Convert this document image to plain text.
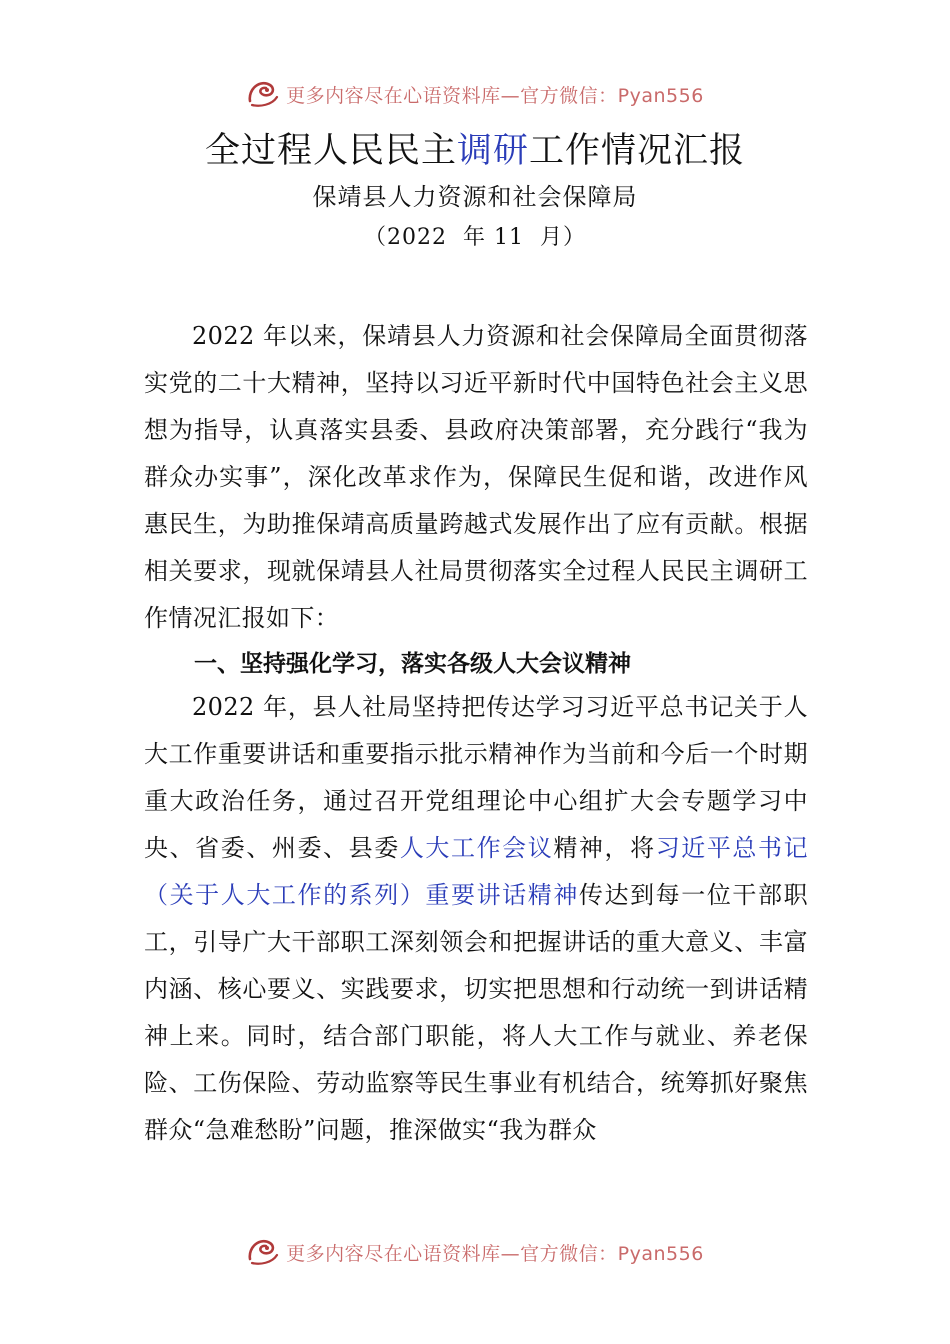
更多内容尽在心语资料库—官方微信：Pyan556
全过程人民民主调研工作情况汇报
保靖县人力资源和社会保障局
（2022  年 11  月）

2022 年以来，保靖县人力资源和社会保障局全面贯彻落实党的二十大精神，坚持以习近平新时代中国特色社会主义思想为指导，认真落实县委、县政府决策部署，充分践行“我为群众办实事”，深化改革求作为，保障民生促和谐，改进作风惠民生，为助推保靖高质量跨越式发展作出了应有贡献。根据相关要求，现就保靖县人社局贯彻落实全过程人民民主调研工作情况汇报如下：

一、坚持强化学习，落实各级人大会议精神

2022 年，县人社局坚持把传达学习习近平总书记关于人大工作重要讲话和重要指示批示精神作为当前和今后一个时期重大政治任务，通过召开党组理论中心组扩大会专题学习中央、省委、州委、县委人大工作会议精神，将习近平总书记（关于人大工作的系列）重要讲话精神传达到每一位干部职工，引导广大干部职工深刻领会和把握讲话的重大意义、丰富内涵、核心要义、实践要求，切实把思想和行动统一到讲话精神上来。同时，结合部门职能，将人大工作与就业、养老保险、工伤保险、劳动监察等民生事业有机结合，统筹抓好聚焦群众“急难愁盼”问题，推深做实“我为群众

更多内容尽在心语资料库—官方微信：Pyan556
